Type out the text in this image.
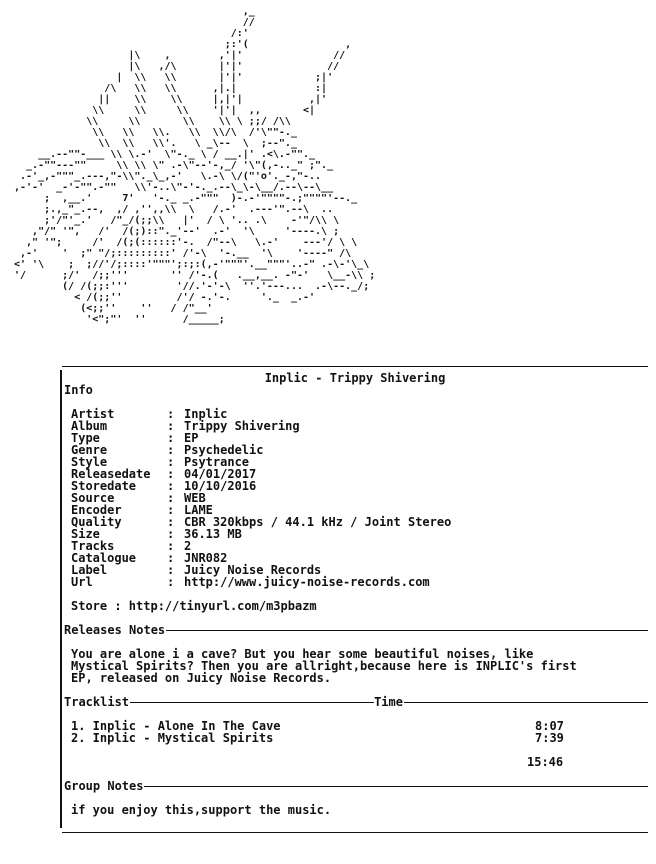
,_
//
/:'
;:'(                ,
|\    ,        ,'|'               //
|\   ,/\       |'|'              //
|  \\   \\       |'|'            ;|'
/\   \\   \\      ,|.|             :|
||    \\    \\     |,|'|           ,|'
\\     \\     \\    '|'|  ,,       <|
\\     \\       \\    \\ \ ;;/ /\\
\\   \\   \\.   \\  \\/\  /'\""-._
\\  \\   \\'.   \ _\--  \  ;--"._
__.--""-___ \\ \.-'  \"-._ \ / __.|' .<\.-""._
_.-""---""     \\ \\ \" .-\"--'-,_/ '\"(,-.._" ;"._
.-'_,-"""_.---,"-\\"._\_,-'   \.-\ \/("'o'._-,"-..
,-'-'  _-'-"".-""   \\'-..\"-'-._.--\_\-\__/.--\--\__
;  ,__.'     7'   '-._ _.-"""  )-.-'""""-.;""""'--._
;.,_"_.--,  ,/ ,'',,\\  \   /.-'  .---'".--\  ..
;'/"'_.'   /"_/(;;\\   |'  / \ '.. .\    -'"/\\ \
,"/" '",   /'  /(;)::"._'--'  .-'  '\     '----.\ ;
," '";     /'  /(;(::::::'-.  /"--\   \.-'    ---'/ \ \
,-'    '  ;" "/;:::::::::' /'-\  '-.__  '\    '----" /\
<' '\    ;  ;//'/;::::'"""';:;:(,-'"""'.__"""'..-" .-\-'\_\
'/      ;/'  /;;'''       '' /'-.(   .__,__. -"-'   \__-\\ ;
(/ /(;;:'''        '//.'-'-\  ''.'---...  .-\--._/;
< /(;;''         /'/ -.'-.     '._  _.-'
(<;;''    ''   / /"__'
'<";"'  ''      /_____;
Inplic - Trippy Shivering
Info
Artist	: Inplic
Album	: Trippy Shivering
Type	: EP
Genre	: Psychedelic
Style	: Psytrance
Releasedate : 04/01/2017
Storedate	: 10/10/2016
Source	: WEB
Encoder	: LAME
Quality	: CBR 320kbps / 44.1 kHz / Joint Stereo
Size	: 36.13 MB
Tracks	: 2
Catalogue	: JNR082
Label	: Juicy Noise Records
Url	: http://www.juicy-noise-records.com
Store : http://tinyurl.com/m3pbazm
Releases Notes
You are alone i a cave? But you hear some beautiful noises, like
Mystical Spirits? Then you are allright,because here is INPLIC's first
EP, released on Juicy Noise Records.
Tracklist	Time
1. Inplic - Alone In The Cave	8:07
2. Inplic - Mystical Spirits	7:39
15:46
Group Notes
if you enjoy this,support the music.
